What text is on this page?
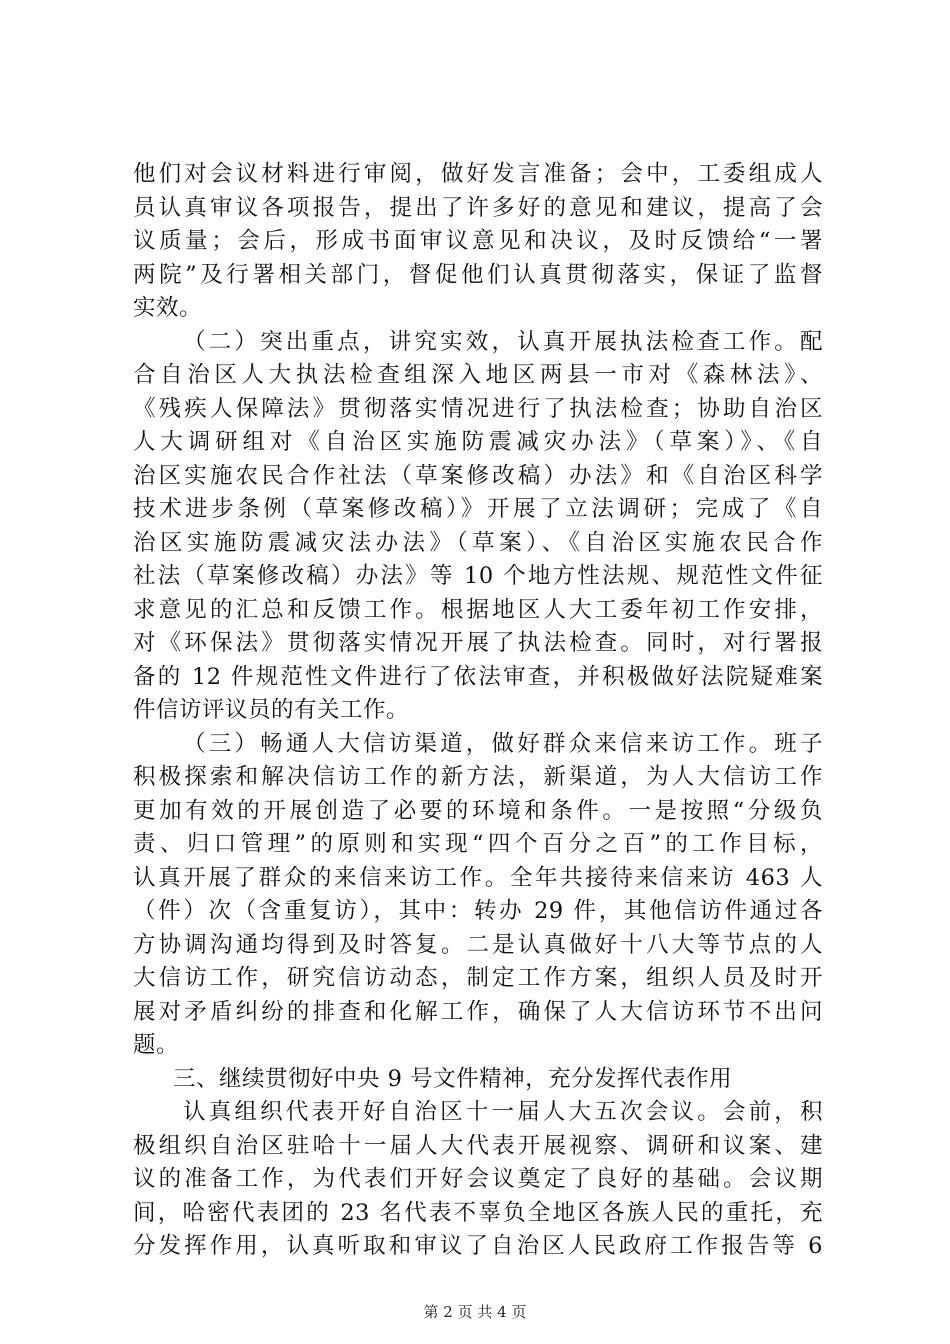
他们对会议材料进行审阅，做好发言准备；会中，工委组成人
员认真审议各项报告，提出了许多好的意见和建议，提高了会
议质量；会后，形成书面审议意见和决议，及时反馈给“一署
两院”及行署相关部门，督促他们认真贯彻落实，保证了监督
实效。
（二）突出重点，讲究实效，认真开展执法检查工作。配
合自治区人大执法检查组深入地区两县一市对《森林法》、
《残疾人保障法》贯彻落实情况进行了执法检查；协助自治区
人大调研组对《自治区实施防震减灾办法》（草案）》、《自
治区实施农民合作社法（草案修改稿）办法》和《自治区科学
技术进步条例（草案修改稿）》开展了立法调研；完成了《自
治区实施防震减灾法办法》（草案）、《自治区实施农民合作
社法（草案修改稿）办法》等 10 个地方性法规、规范性文件征
求意见的汇总和反馈工作。根据地区人大工委年初工作安排，
对《环保法》贯彻落实情况开展了执法检查。同时，对行署报
备的 12 件规范性文件进行了依法审查，并积极做好法院疑难案
件信访评议员的有关工作。
（三）畅通人大信访渠道，做好群众来信来访工作。班子
积极探索和解决信访工作的新方法，新渠道，为人大信访工作
更加有效的开展创造了必要的环境和条件。一是按照“分级负
责、归口管理”的原则和实现“四个百分之百”的工作目标，
认真开展了群众的来信来访工作。全年共接待来信来访 463 人
（件）次（含重复访），其中：转办 29 件，其他信访件通过各
方协调沟通均得到及时答复。二是认真做好十八大等节点的人
大信访工作，研究信访动态，制定工作方案，组织人员及时开
展对矛盾纠纷的排查和化解工作，确保了人大信访环节不出问
题。
三、继续贯彻好中央 9 号文件精神，充分发挥代表作用
认真组织代表开好自治区十一届人大五次会议。会前，积
极组织自治区驻哈十一届人大代表开展视察、调研和议案、建
议的准备工作，为代表们开好会议奠定了良好的基础。会议期
间，哈密代表团的 23 名代表不辜负全地区各族人民的重托，充
分发挥作用，认真听取和审议了自治区人民政府工作报告等 6
第 2 页 共 4 页
